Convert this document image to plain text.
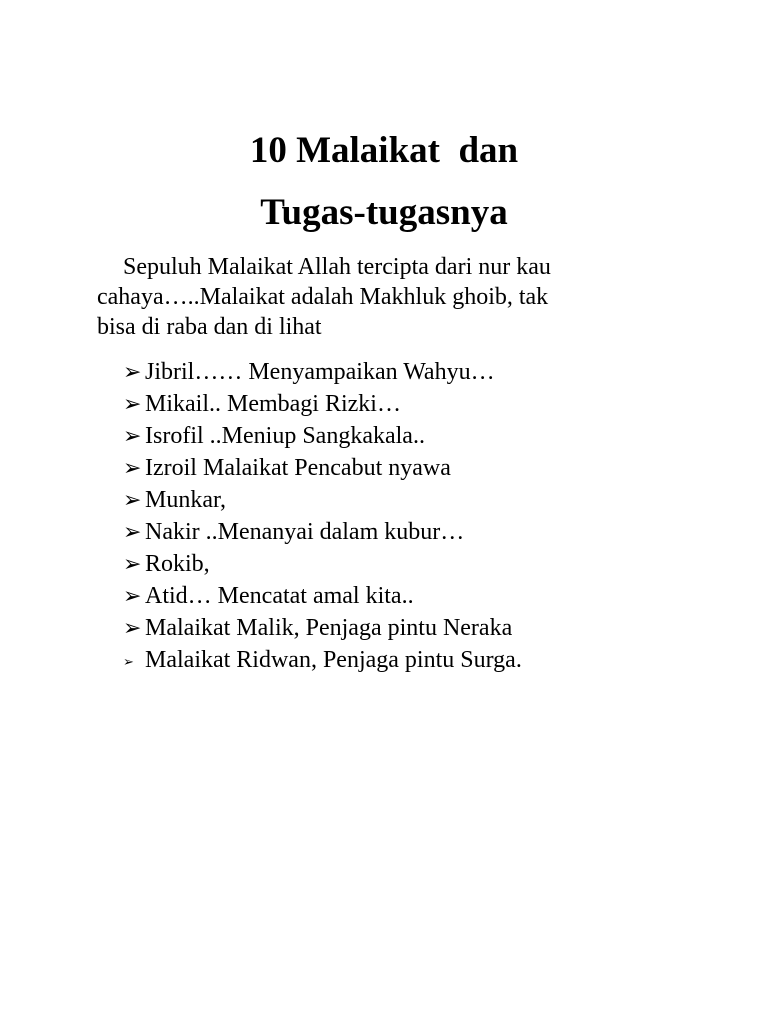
10 Malaikat  dan
Tugas-tugasnya

Sepuluh Malaikat Allah tercipta dari nur kau
cahaya…..Malaikat adalah Makhluk ghoib, tak
bisa di raba dan di lihat

➢ Jibril…… Menyampaikan Wahyu…
➢ Mikail.. Membagi Rizki…
➢ Isrofil ..Meniup Sangkakala..
➢ Izroil Malaikat Pencabut nyawa
➢ Munkar,
➢ Nakir ..Menanyai dalam kubur…
➢ Rokib,
➢ Atid… Mencatat amal kita..
➢ Malaikat Malik, Penjaga pintu Neraka
➢ Malaikat Ridwan, Penjaga pintu Surga.
